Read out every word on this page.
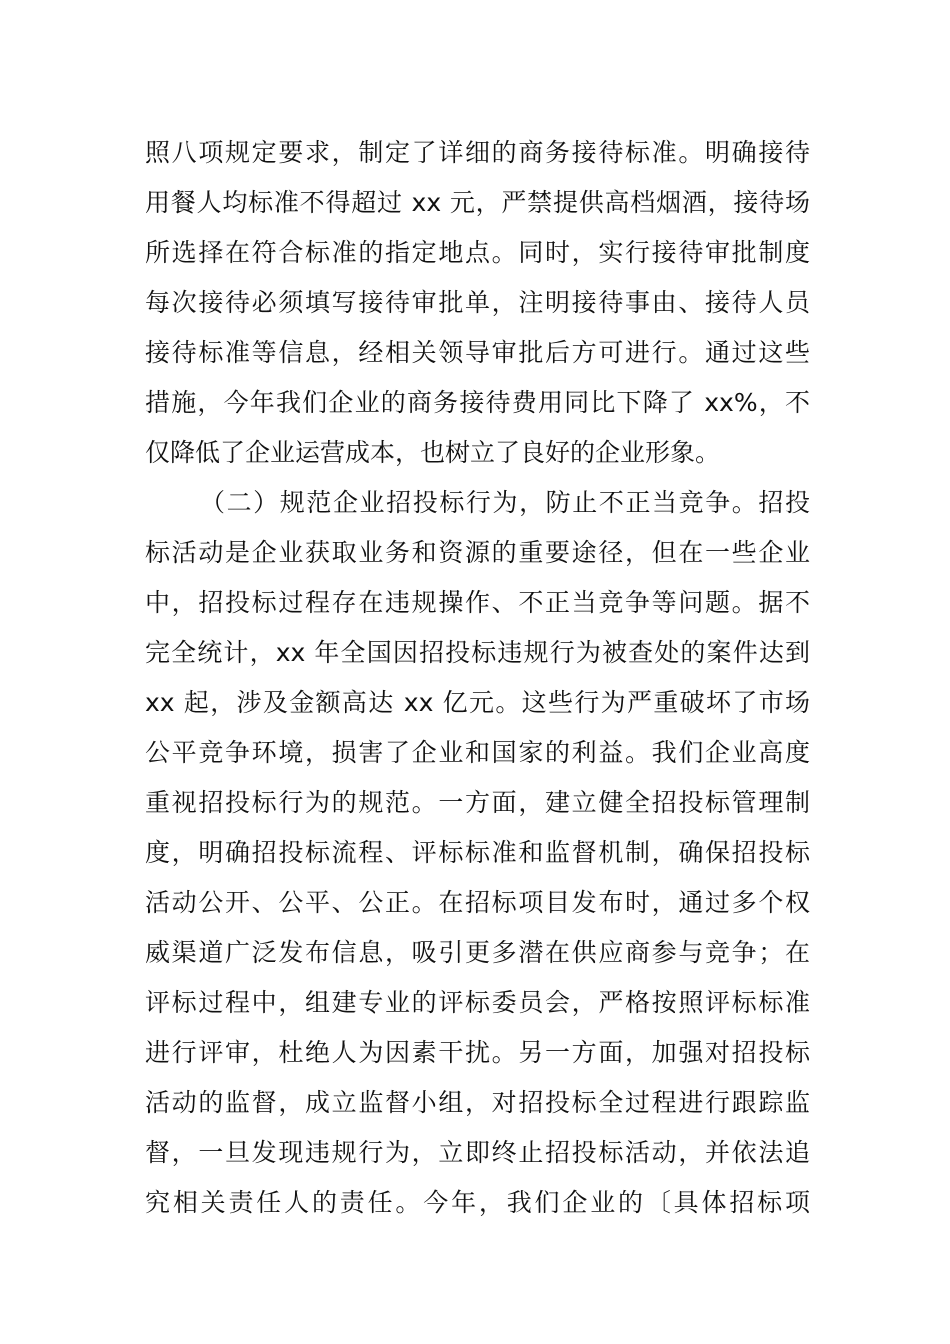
照八项规定要求，制定了详细的商务接待标准。明确接待
用餐人均标准不得超过 xx 元，严禁提供高档烟酒，接待场
所选择在符合标准的指定地点。同时，实行接待审批制度
每次接待必须填写接待审批单，注明接待事由、接待人员
接待标准等信息，经相关领导审批后方可进行。通过这些
措施，今年我们企业的商务接待费用同比下降了 xx%，不
仅降低了企业运营成本，也树立了良好的企业形象。
（二）规范企业招投标行为，防止不正当竞争。招投
标活动是企业获取业务和资源的重要途径，但在一些企业
中，招投标过程存在违规操作、不正当竞争等问题。据不
完全统计，xx 年全国因招投标违规行为被查处的案件达到
xx 起，涉及金额高达 xx 亿元。这些行为严重破坏了市场
公平竞争环境，损害了企业和国家的利益。我们企业高度
重视招投标行为的规范。一方面，建立健全招投标管理制
度，明确招投标流程、评标标准和监督机制，确保招投标
活动公开、公平、公正。在招标项目发布时，通过多个权
威渠道广泛发布信息，吸引更多潜在供应商参与竞争；在
评标过程中，组建专业的评标委员会，严格按照评标标准
进行评审，杜绝人为因素干扰。另一方面，加强对招投标
活动的监督，成立监督小组，对招投标全过程进行跟踪监
督，一旦发现违规行为，立即终止招投标活动，并依法追
究相关责任人的责任。今年，我们企业的〔具体招标项
